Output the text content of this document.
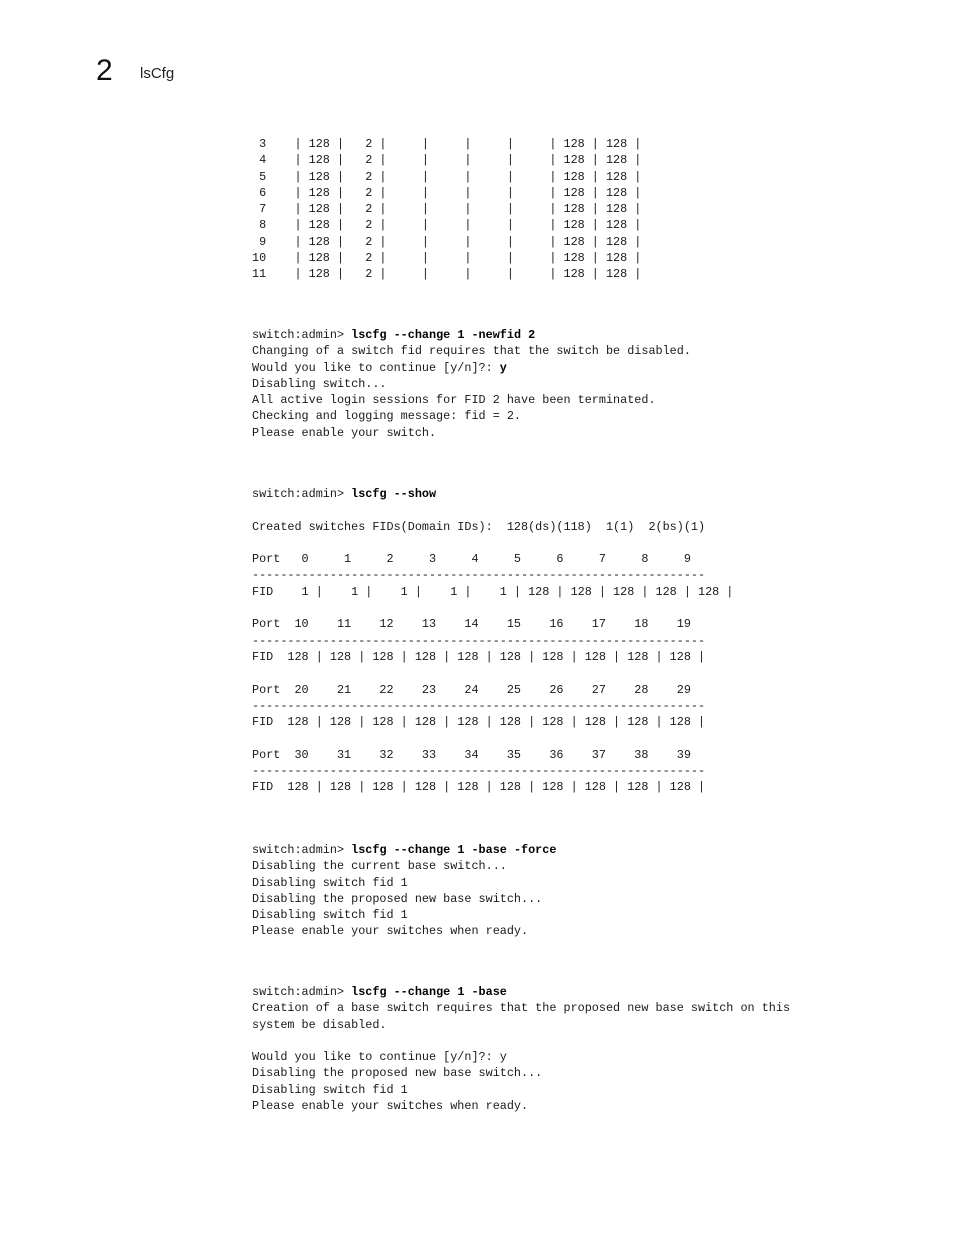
2 lsCfg
3    | 128 |   2 |     |     |     |     | 128 | 128 |
4    | 128 |   2 |     |     |     |     | 128 | 128 |
5    | 128 |   2 |     |     |     |     | 128 | 128 |
6    | 128 |   2 |     |     |     |     | 128 | 128 |
7    | 128 |   2 |     |     |     |     | 128 | 128 |
8    | 128 |   2 |     |     |     |     | 128 | 128 |
9    | 128 |   2 |     |     |     |     | 128 | 128 |
10    | 128 |   2 |     |     |     |     | 128 | 128 |
11    | 128 |   2 |     |     |     |     | 128 | 128 |
switch:admin> lscfg --change 1 -newfid 2
Changing of a switch fid requires that the switch be disabled.
Would you like to continue [y/n]?: y
Disabling switch...
All active login sessions for FID 2 have been terminated.
Checking and logging message: fid = 2.
Please enable your switch.
switch:admin> lscfg --show
Created switches FIDs(Domain IDs):  128(ds)(118)  1(1)  2(bs)(1)
Port   0     1     2     3     4     5     6     7     8     9
----------------------------------------------------------------
FID    1 |    1 |    1 |    1 |    1 | 128 | 128 | 128 | 128 | 128 |
Port  10    11    12    13    14    15    16    17    18    19
----------------------------------------------------------------
FID  128 | 128 | 128 | 128 | 128 | 128 | 128 | 128 | 128 | 128 |
Port  20    21    22    23    24    25    26    27    28    29
----------------------------------------------------------------
FID  128 | 128 | 128 | 128 | 128 | 128 | 128 | 128 | 128 | 128 |
Port  30    31    32    33    34    35    36    37    38    39
----------------------------------------------------------------
FID  128 | 128 | 128 | 128 | 128 | 128 | 128 | 128 | 128 | 128 |
switch:admin> lscfg --change 1 -base -force
Disabling the current base switch...
Disabling switch fid 1
Disabling the proposed new base switch...
Disabling switch fid 1
Please enable your switches when ready.
switch:admin> lscfg --change 1 -base
Creation of a base switch requires that the proposed new base switch on this
system be disabled.
Would you like to continue [y/n]?: y
Disabling the proposed new base switch...
Disabling switch fid 1
Please enable your switches when ready.
